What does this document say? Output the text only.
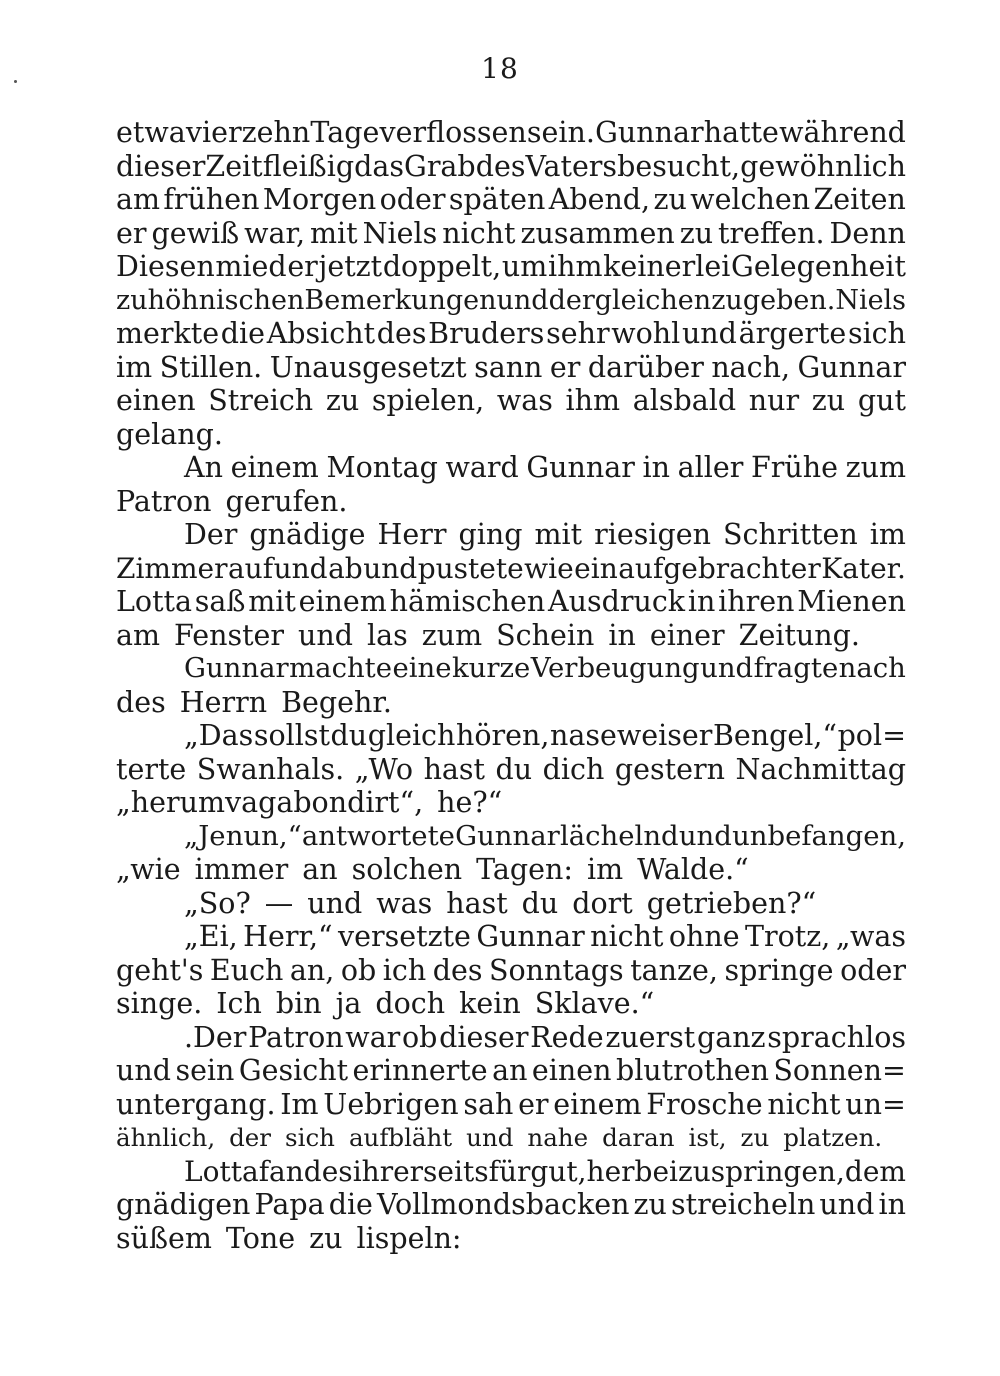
18
etwa vierzehn Tage verflossen sein. Gunnar hatte während
dieser Zeit fleißig das Grab des Vaters besucht, gewöhnlich
am frühen Morgen oder späten Abend, zu welchen Zeiten
er gewiß war, mit Niels nicht zusammen zu treffen. Denn
Diesen mied er jetzt doppelt, um ihm keinerlei Gelegenheit
zu höhnischen Bemerkungen und dergleichen zu geben. Niels
merkte die Absicht des Bruders sehr wohl und ärgerte sich
im Stillen. Unausgesetzt sann er darüber nach, Gunnar
einen Streich zu spielen, was ihm alsbald nur zu gut
gelang.
An einem Montag ward Gunnar in aller Frühe zum
Patron gerufen.
Der gnädige Herr ging mit riesigen Schritten im
Zimmer auf und ab und pustete wie ein aufgebrachter Kater.
Lotta saß mit einem hämischen Ausdruck in ihren Mienen
am Fenster und las zum Schein in einer Zeitung.
Gunnar machte eine kurze Verbeugung und fragte nach
des Herrn Begehr.
„Das sollst du gleich hören, naseweiser Bengel,“ pol=
terte Swanhals. „Wo hast du dich gestern Nachmittag
„herumvagabondirt“, he?“
„Je nun,“ antwortete Gunnar lächelnd und unbefangen,
„wie immer an solchen Tagen: im Walde.“
„So? — und was hast du dort getrieben?“
„Ei, Herr,“ versetzte Gunnar nicht ohne Trotz, „was
geht's Euch an, ob ich des Sonntags tanze, springe oder
singe. Ich bin ja doch kein Sklave.“
.Der Patron war ob dieser Rede zuerst ganz sprachlos
und sein Gesicht erinnerte an einen blutrothen Sonnen=
untergang. Im Uebrigen sah er einem Frosche nicht un=
ähnlich, der sich aufbläht und nahe daran ist, zu platzen.
Lotta fand es ihrerseits für gut, herbeizuspringen, dem
gnädigen Papa die Vollmondsbacken zu streicheln und in
süßem Tone zu lispeln:
